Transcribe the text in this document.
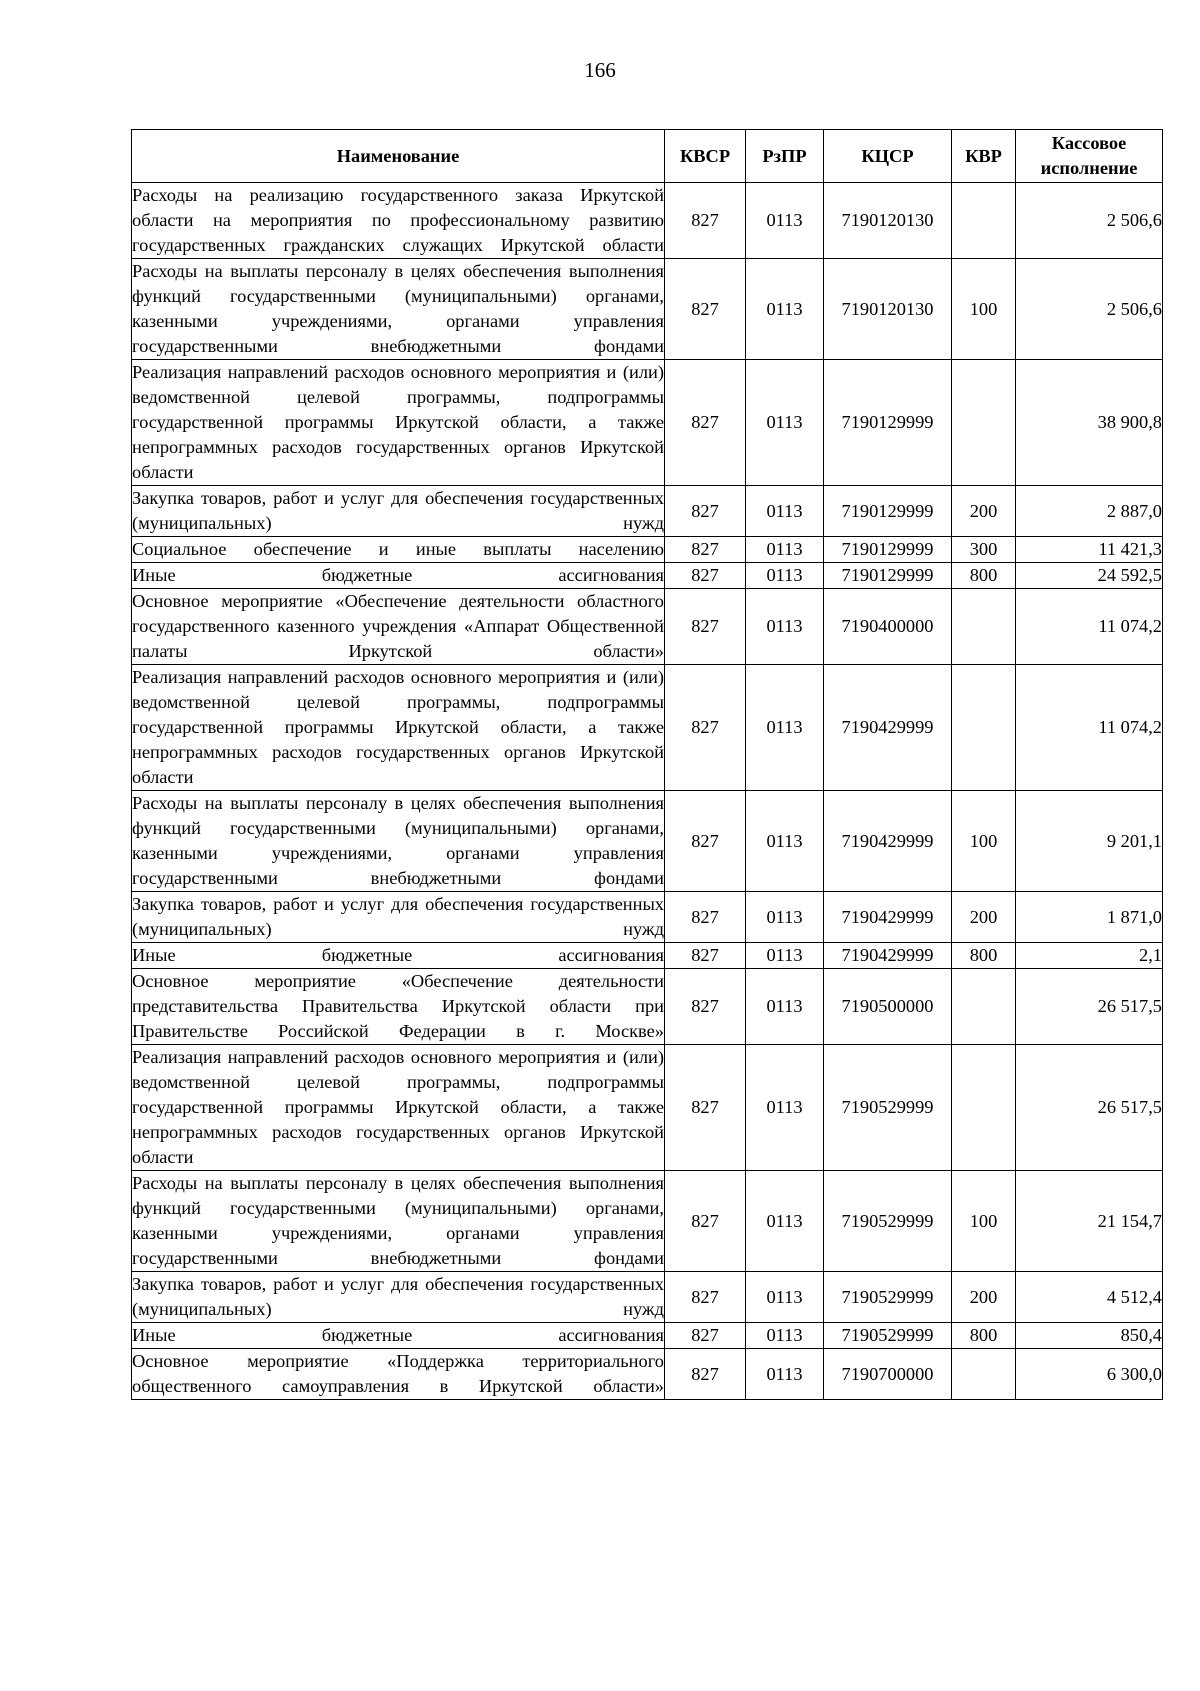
166
Наименование	КВСР	РзПР	КЦСР	КВР	Кассовое исполнение
Расходы на реализацию государственного заказа Иркутской области на мероприятия по профессиональному развитию государственных гражданских служащих Иркутской области	827	0113	7190120130		2 506,6
Расходы на выплаты персоналу в целях обеспечения выполнения функций государственными (муниципальными) органами, казенными учреждениями, органами управления государственными внебюджетными фондами	827	0113	7190120130	100	2 506,6
Реализация направлений расходов основного мероприятия и (или) ведомственной целевой программы, подпрограммы государственной программы Иркутской области, а также непрограммных расходов государственных органов Иркутской области	827	0113	7190129999		38 900,8
Закупка товаров, работ и услуг для обеспечения государственных (муниципальных) нужд	827	0113	7190129999	200	2 887,0
Социальное обеспечение и иные выплаты населению	827	0113	7190129999	300	11 421,3
Иные бюджетные ассигнования	827	0113	7190129999	800	24 592,5
Основное мероприятие «Обеспечение деятельности областного государственного казенного учреждения «Аппарат Общественной палаты Иркутской области»	827	0113	7190400000		11 074,2
Реализация направлений расходов основного мероприятия и (или) ведомственной целевой программы, подпрограммы государственной программы Иркутской области, а также непрограммных расходов государственных органов Иркутской области	827	0113	7190429999		11 074,2
Расходы на выплаты персоналу в целях обеспечения выполнения функций государственными (муниципальными) органами, казенными учреждениями, органами управления государственными внебюджетными фондами	827	0113	7190429999	100	9 201,1
Закупка товаров, работ и услуг для обеспечения государственных (муниципальных) нужд	827	0113	7190429999	200	1 871,0
Иные бюджетные ассигнования	827	0113	7190429999	800	2,1
Основное мероприятие «Обеспечение деятельности представительства Правительства Иркутской области при Правительстве Российской Федерации в г. Москве»	827	0113	7190500000		26 517,5
Реализация направлений расходов основного мероприятия и (или) ведомственной целевой программы, подпрограммы государственной программы Иркутской области, а также непрограммных расходов государственных органов Иркутской области	827	0113	7190529999		26 517,5
Расходы на выплаты персоналу в целях обеспечения выполнения функций государственными (муниципальными) органами, казенными учреждениями, органами управления государственными внебюджетными фондами	827	0113	7190529999	100	21 154,7
Закупка товаров, работ и услуг для обеспечения государственных (муниципальных) нужд	827	0113	7190529999	200	4 512,4
Иные бюджетные ассигнования	827	0113	7190529999	800	850,4
Основное мероприятие «Поддержка территориального общественного самоуправления в Иркутской области»	827	0113	7190700000		6 300,0
